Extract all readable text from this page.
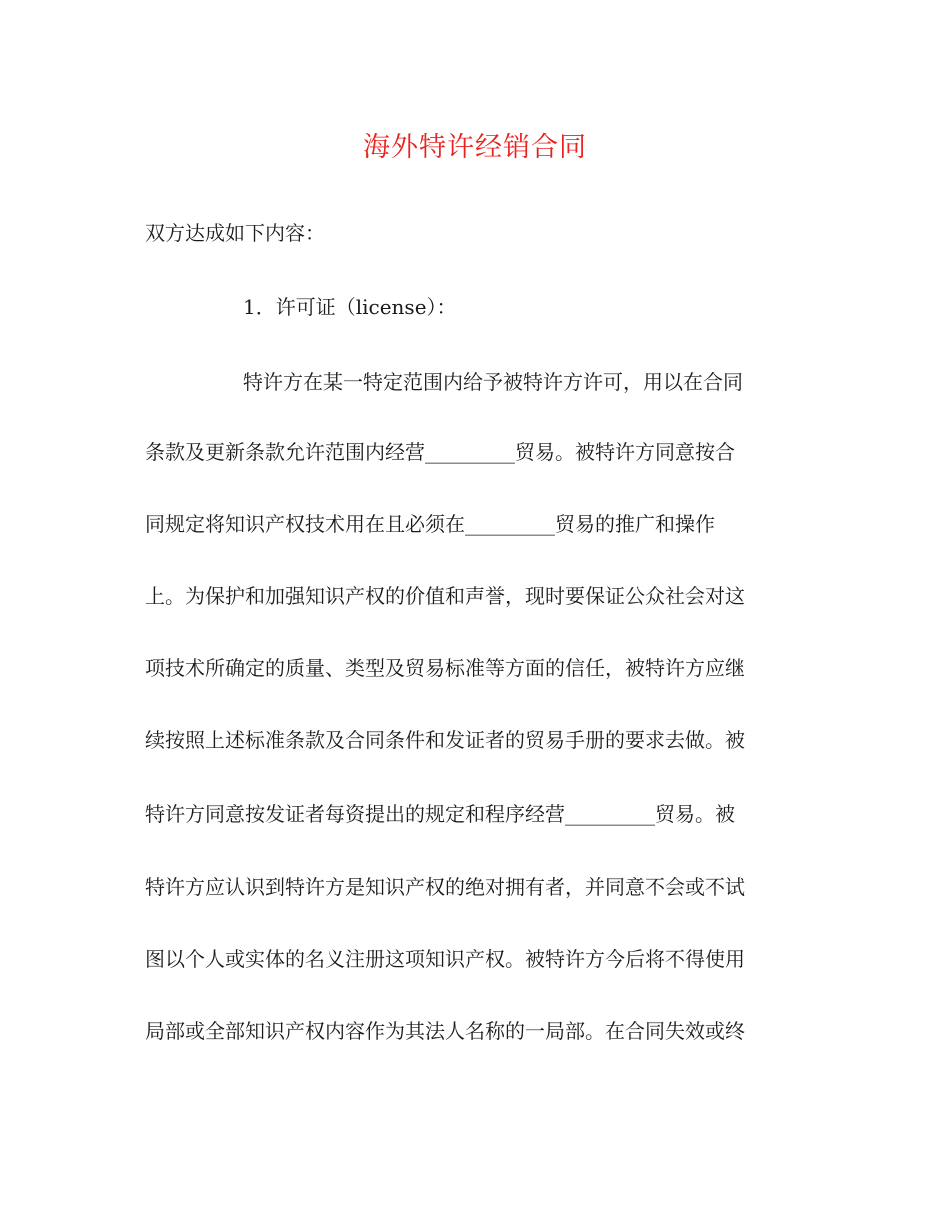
海外特许经销合同
双方达成如下内容：
1．许可证（license）：
特许方在某一特定范围内给予被特许方许可，用以在合同
条款及更新条款允许范围内经营_________贸易。被特许方同意按合
同规定将知识产权技术用在且必须在_________贸易的推广和操作
上。为保护和加强知识产权的价值和声誉，现时要保证公众社会对这
项技术所确定的质量、类型及贸易标准等方面的信任，被特许方应继
续按照上述标准条款及合同条件和发证者的贸易手册的要求去做。被
特许方同意按发证者每资提出的规定和程序经营_________贸易。被
特许方应认识到特许方是知识产权的绝对拥有者，并同意不会或不试
图以个人或实体的名义注册这项知识产权。被特许方今后将不得使用
局部或全部知识产权内容作为其法人名称的一局部。在合同失效或终
